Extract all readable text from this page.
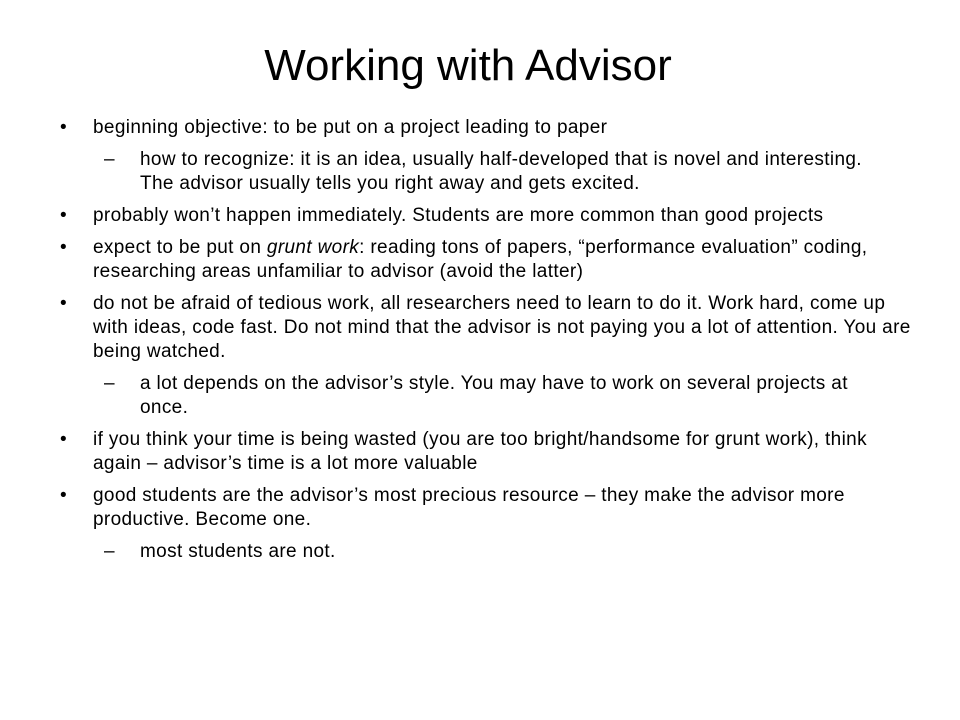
Working with Advisor
• beginning objective: to be put on a project leading to paper
– how to recognize: it is an idea, usually half-developed that is novel and interesting. The advisor usually tells you right away and gets excited.
• probably won’t happen immediately. Students are more common than good projects
• expect to be put on grunt work: reading tons of papers, “performance evaluation” coding, researching areas unfamiliar to advisor (avoid the latter)
• do not be afraid of tedious work, all researchers need to learn to do it. Work hard, come up with ideas, code fast. Do not mind that the advisor is not paying you a lot of attention. You are being watched.
– a lot depends on the advisor’s style. You may have to work on several projects at once.
• if you think your time is being wasted (you are too bright/handsome for grunt work), think again – advisor’s time is a lot more valuable
• good students are the advisor’s most precious resource – they make the advisor more productive. Become one.
– most students are not.
